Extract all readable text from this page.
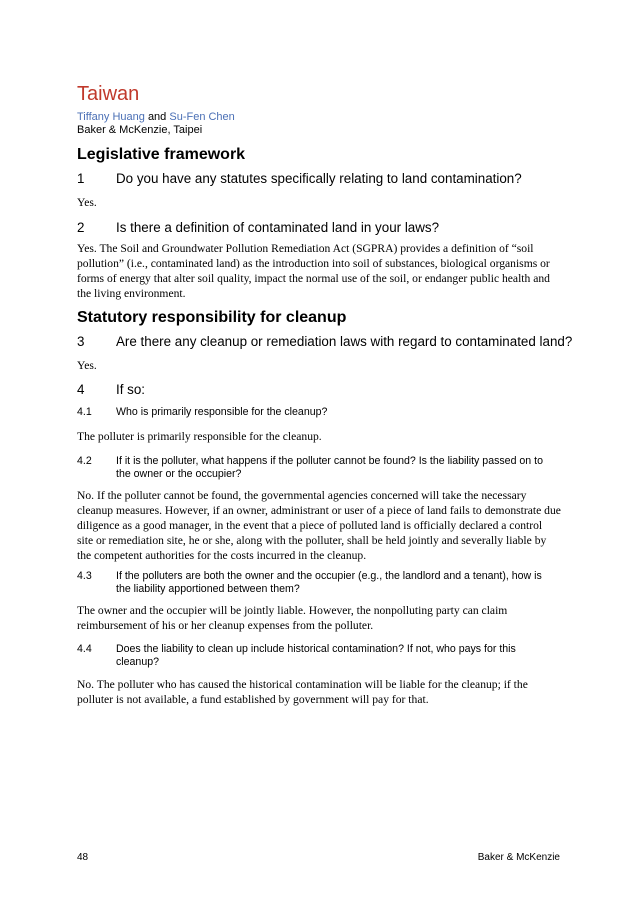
Taiwan
Tiffany Huang and Su-Fen Chen
Baker & McKenzie, Taipei
Legislative framework
1 Do you have any statutes specifically relating to land contamination?
Yes.
2 Is there a definition of contaminated land in your laws?
Yes. The Soil and Groundwater Pollution Remediation Act (SGPRA) provides a definition of “soil pollution” (i.e., contaminated land) as the introduction into soil of substances, biological organisms or forms of energy that alter soil quality, impact the normal use of the soil, or endanger public health and the living environment.
Statutory responsibility for cleanup
3 Are there any cleanup or remediation laws with regard to contaminated land?
Yes.
4 If so:
4.1 Who is primarily responsible for the cleanup?
The polluter is primarily responsible for the cleanup.
4.2 If it is the polluter, what happens if the polluter cannot be found? Is the liability passed on to the owner or the occupier?
No. If the polluter cannot be found, the governmental agencies concerned will take the necessary cleanup measures. However, if an owner, administrant or user of a piece of land fails to demonstrate due diligence as a good manager, in the event that a piece of polluted land is officially declared a control site or remediation site, he or she, along with the polluter, shall be held jointly and severally liable by the competent authorities for the costs incurred in the cleanup.
4.3 If the polluters are both the owner and the occupier (e.g., the landlord and a tenant), how is the liability apportioned between them?
The owner and the occupier will be jointly liable. However, the nonpolluting party can claim reimbursement of his or her cleanup expenses from the polluter.
4.4 Does the liability to clean up include historical contamination? If not, who pays for this cleanup?
No. The polluter who has caused the historical contamination will be liable for the cleanup; if the polluter is not available, a fund established by government will pay for that.
48	Baker & McKenzie
